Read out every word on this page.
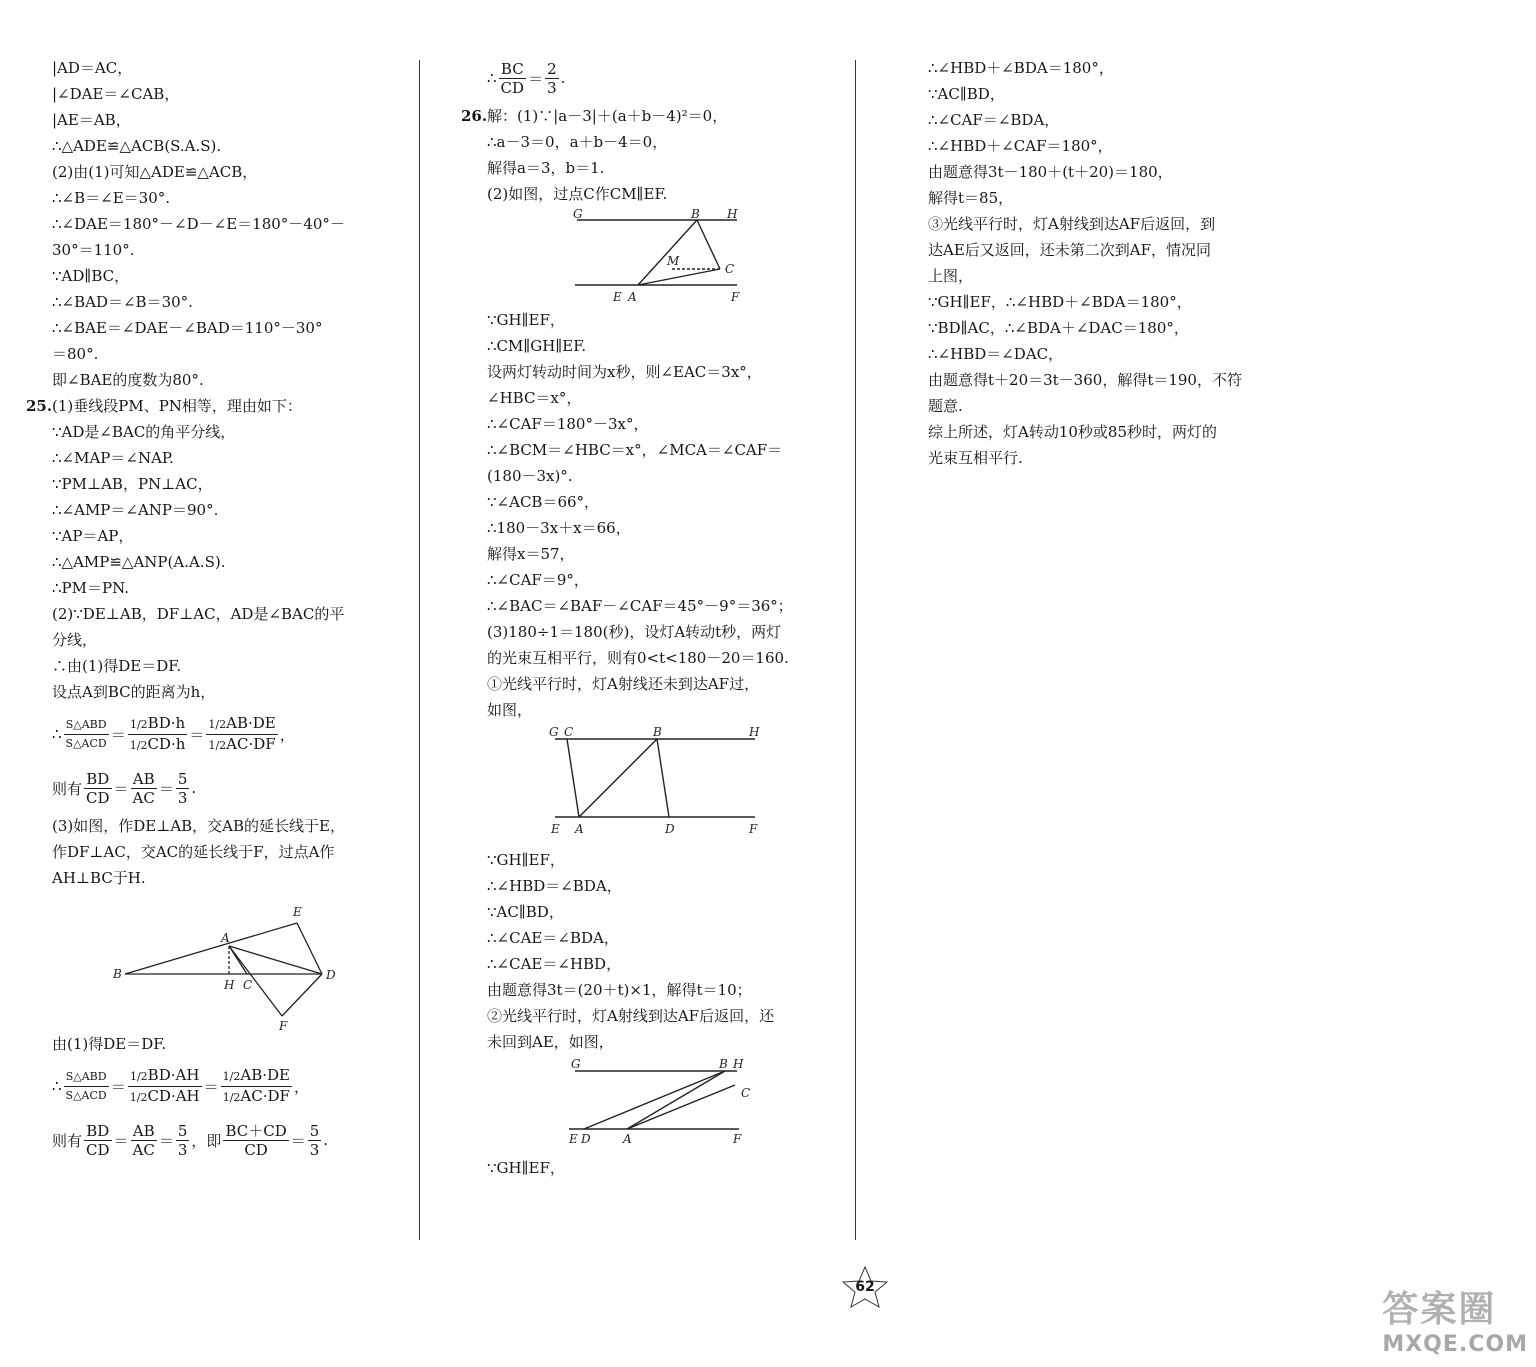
|AD＝AC，
|∠DAE＝∠CAB，
|AE＝AB，
∴△ADE≌△ACB(S.A.S).
(2)由(1)可知△ADE≌△ACB，
∴∠B＝∠E＝30°.
∴∠DAE＝180°－∠D－∠E＝180°－40°－
30°＝110°.
∵AD∥BC，
∴∠BAD＝∠B＝30°.
∴∠BAE＝∠DAE－∠BAD＝110°－30°
＝80°.
即∠BAE的度数为80°.
25.(1)垂线段PM、PN相等，理由如下：
∵AD是∠BAC的角平分线，
∴∠MAP＝∠NAP.
∵PM⊥AB，PN⊥AC，
∴∠AMP＝∠ANP＝90°.
∵AP＝AP，
∴△AMP≌△ANP(A.A.S).
∴PM＝PN.
(2)∵DE⊥AB，DF⊥AC，AD是∠BAC的平
分线，
∴由(1)得DE＝DF.
设点A到BC的距离为h，
∴ $\frac{\text{S△ABD}}{\text{S△ACD}} = \frac{1/2BD\cdot h}{1/2CD\cdot h} = \frac{1/2AB\cdot DE}{1/2AC\cdot DF}$ ，
则有 $\frac{BD}{CD} = \frac{AB}{AC} = \frac{5}{3}$ .
(3)如图，作DE⊥AB，交AB的延长线于E，
作DF⊥AC，交AC的延长线于F，过点A作
AH⊥BC于H.
E
A
B
H C
D
F
由(1)得DE＝DF.
∴ $\frac{\text{S△ABD}}{\text{S△ACD}} = \frac{1/2BD\cdot AH}{1/2CD\cdot AH} = \frac{1/2AB\cdot DE}{1/2AC\cdot DF}$ ，
则有 $\frac{BD}{CD} = \frac{AB}{AC} = \frac{5}{3}$ ，即 $\frac{BC+CD}{CD} = \frac{5}{3}$ .
∴ $\frac{BC}{CD} = \frac{2}{3}$ .
26.解：(1)∵|a－3|＋(a＋b－4)²＝0，
∴a－3＝0，a＋b－4＝0，
解得a＝3，b＝1.
(2)如图，过点C作CM∥EF.
G	B H
M
C
E A	F
∵GH∥EF，
∴CM∥GH∥EF.
设两灯转动时间为x秒，则∠EAC＝3x°，
∠HBC＝x°，
∴∠CAF＝180°－3x°，
∴∠BCM＝∠HBC＝x°，∠MCA＝∠CAF＝
(180－3x)°.
∵∠ACB＝66°，
∴180－3x＋x＝66，
解得x＝57，
∴∠CAF＝9°，
∴∠BAC＝∠BAF－∠CAF＝45°－9°＝36°；
(3)180÷1＝180(秒)，设灯A转动t秒，两灯
的光束互相平行，则有0<t<180－20＝160.
①光线平行时，灯A射线还未到达AF过，
如图，
G C	B	H
E A	D	F
∵GH∥EF，
∴∠HBD＝∠BDA，
∵AC∥BD，
∴∠CAE＝∠BDA，
∴∠CAE＝∠HBD，
由题意得3t＝(20＋t)×1，解得t＝10；
②光线平行时，灯A射线到达AF后返回，还
未回到AE，如图，
G	B H
C
E D	A	F
∵GH∥EF，
∴∠HBD＋∠BDA＝180°，
∵AC∥BD，
∴∠CAF＝∠BDA，
∴∠HBD＋∠CAF＝180°，
由题意得3t－180＋(t＋20)＝180，
解得t＝85，
③光线平行时，灯A射线到达AF后返回，到
达AE后又返回，还未第二次到AF，情况同
上图，
∵GH∥EF，∴∠HBD＋∠BDA＝180°，
∵BD∥AC，∴∠BDA＋∠DAC＝180°，
∴∠HBD＝∠DAC，
由题意得t＋20＝3t－360，解得t＝190，不符
题意.
综上所述，灯A转动10秒或85秒时，两灯的
光束互相平行.
62
答案圈
MXQE.COM
